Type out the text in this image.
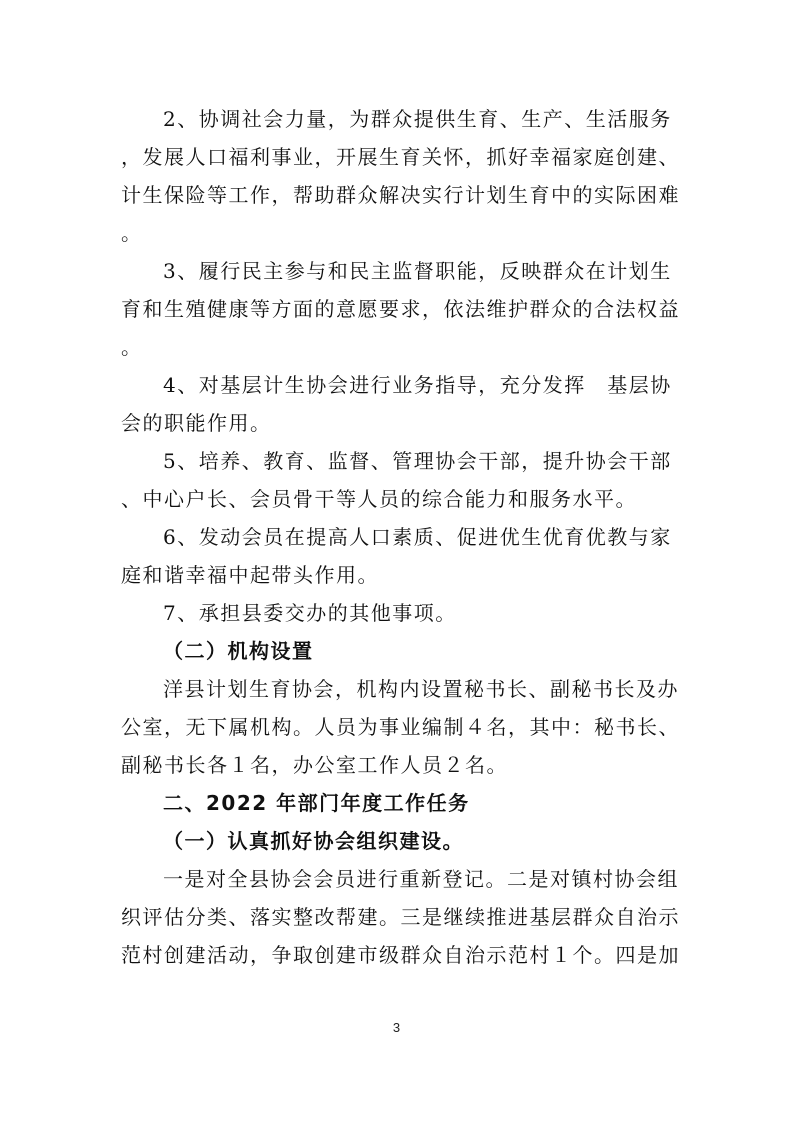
2、协调社会力量，为群众提供生育、生产、生活服务
，发展人口福利事业，开展生育关怀，抓好幸福家庭创建、
计生保险等工作，帮助群众解决实行计划生育中的实际困难
。
3、履行民主参与和民主监督职能，反映群众在计划生
育和生殖健康等方面的意愿要求，依法维护群众的合法权益
。
4、对基层计生协会进行业务指导，充分发挥　基层协
会的职能作用。
5、培养、教育、监督、管理协会干部，提升协会干部
、中心户长、会员骨干等人员的综合能力和服务水平。
6、发动会员在提高人口素质、促进优生优育优教与家
庭和谐幸福中起带头作用。
7、承担县委交办的其他事项。
（二）机构设置
洋县计划生育协会，机构内设置秘书长、副秘书长及办
公室，无下属机构。人员为事业编制４名，其中：秘书长、
副秘书长各１名，办公室工作人员２名。
二、2022 年部门年度工作任务
（一）认真抓好协会组织建设。
一是对全县协会会员进行重新登记。二是对镇村协会组
织评估分类、落实整改帮建。三是继续推进基层群众自治示
范村创建活动，争取创建市级群众自治示范村１个。四是加
3
